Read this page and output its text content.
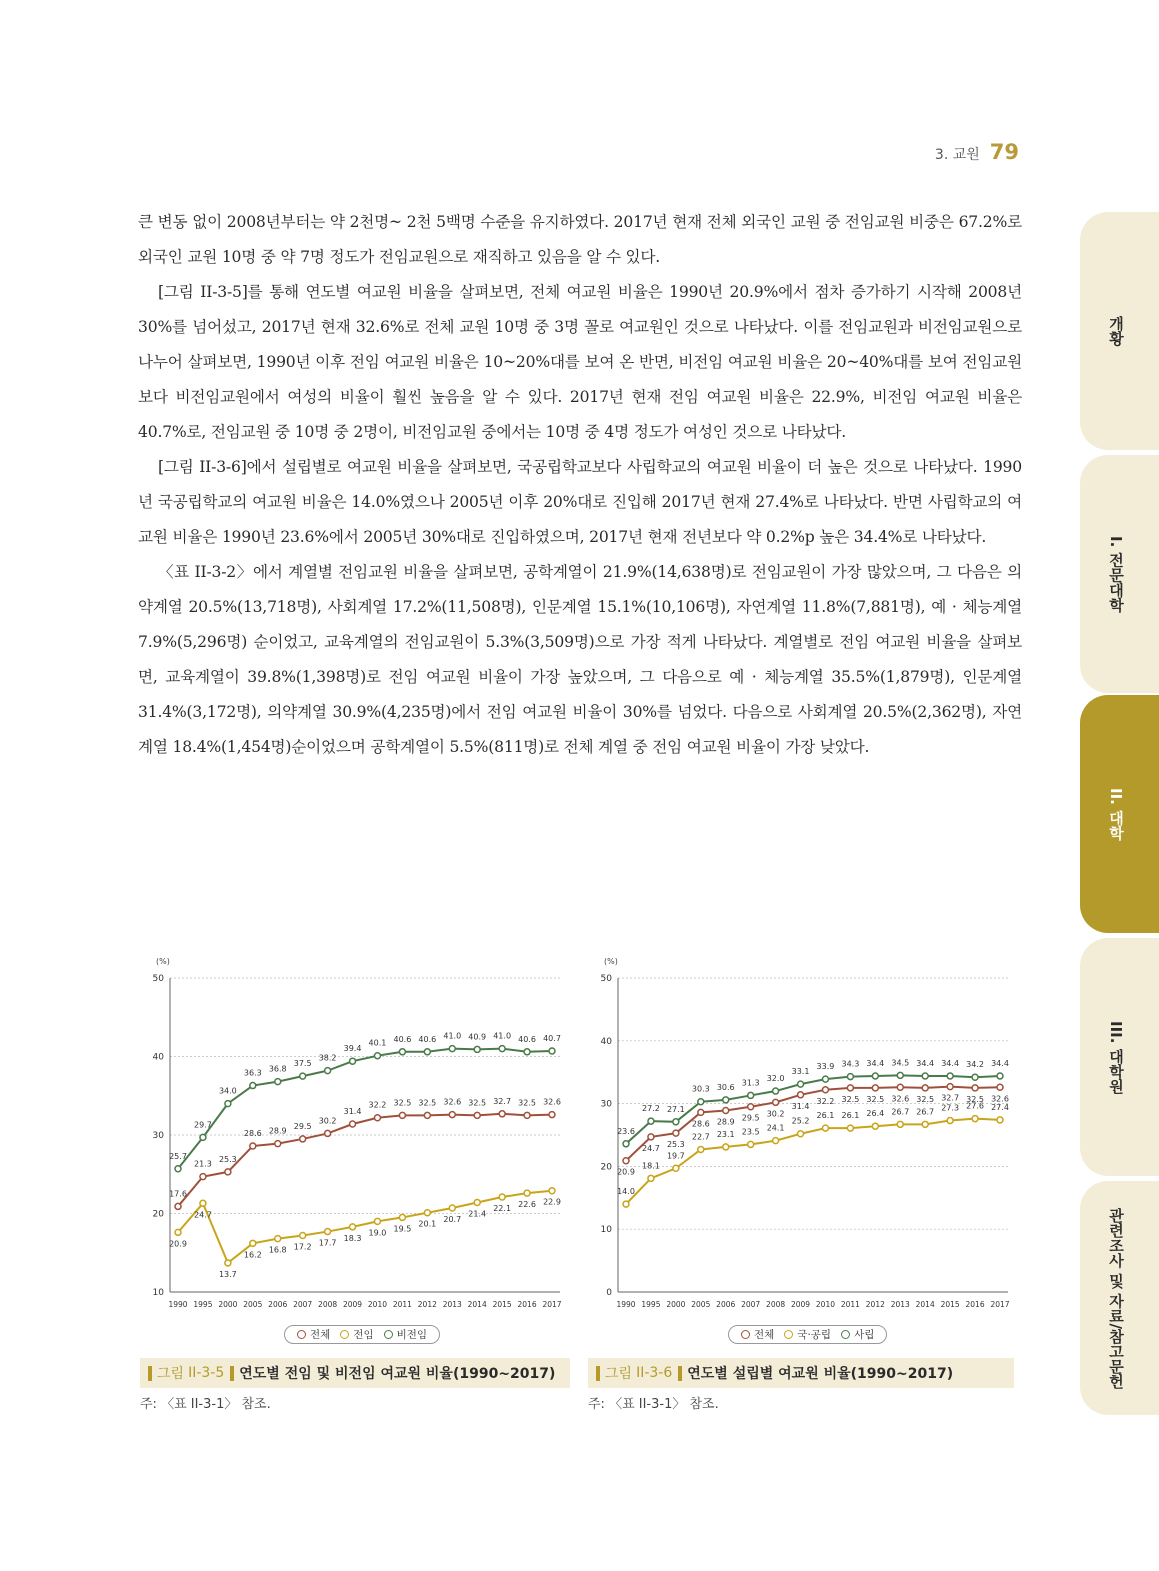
3. 교원 79

큰 변동 없이 2008년부터는 약 2천명~ 2천 5백명 수준을 유지하였다. 2017년 현재 전체 외국인 교원 중 전임교원 비중은 67.2%로 외국인 교원 10명 중 약 7명 정도가 전임교원으로 재직하고 있음을 알 수 있다.

[그림 II-3-5]를 통해 연도별 여교원 비율을 살펴보면, 전체 여교원 비율은 1990년 20.9%에서 점차 증가하기 시작해 2008년 30%를 넘어섰고, 2017년 현재 32.6%로 전체 교원 10명 중 3명 꼴로 여교원인 것으로 나타났다. 이를 전임교원과 비전임교원으로 나누어 살펴보면, 1990년 이후 전임 여교원 비율은 10~20%대를 보여 온 반면, 비전임 여교원 비율은 20~40%대를 보여 전임교원보다 비전임교원에서 여성의 비율이 훨씬 높음을 알 수 있다. 2017년 현재 전임 여교원 비율은 22.9%, 비전임 여교원 비율은 40.7%로, 전임교원 중 10명 중 2명이, 비전임교원 중에서는 10명 중 4명 정도가 여성인 것으로 나타났다.

[그림 II-3-6]에서 설립별로 여교원 비율을 살펴보면, 국공립학교보다 사립학교의 여교원 비율이 더 높은 것으로 나타났다. 1990년 국공립학교의 여교원 비율은 14.0%였으나 2005년 이후 20%대로 진입해 2017년 현재 27.4%로 나타났다. 반면 사립학교의 여교원 비율은 1990년 23.6%에서 2005년 30%대로 진입하였으며, 2017년 현재 전년보다 약 0.2%p 높은 34.4%로 나타났다.

〈표 II-3-2〉에서 계열별 전임교원 비율을 살펴보면, 공학계열이 21.9%(14,638명)로 전임교원이 가장 많았으며, 그 다음은 의약계열 20.5%(13,718명), 사회계열 17.2%(11,508명), 인문계열 15.1%(10,106명), 자연계열 11.8%(7,881명), 예 · 체능계열 7.9%(5,296명) 순이었고, 교육계열의 전임교원이 5.3%(3,509명)으로 가장 적게 나타났다. 계열별로 전임 여교원 비율을 살펴보면, 교육계열이 39.8%(1,398명)로 전임 여교원 비율이 가장 높았으며, 그 다음으로 예 · 체능계열 35.5%(1,879명), 인문계열 31.4%(3,172명), 의약계열 30.9%(4,235명)에서 전임 여교원 비율이 30%를 넘었다. 다음으로 사회계열 20.5%(2,362명), 자연계열 18.4%(1,454명)순이었으며 공학계열이 5.5%(811명)로 전체 계열 중 전임 여교원 비율이 가장 낮았다.

개황
I. 전문대학
II. 대학
III. 대학원
관련조사 및 자료/참고문헌
(%)
10
20
30
40
50
1990 1995 2000 2005 2006 2007 2008 2009 2010 2011 2012 2013 2014 2015 2016 2017
17.6
21.3
25.3
28.6 28.9
29.5
30.2
31.4
32.2 32.5 32.5 32.6 32.5 32.7 32.5 32.6
20.9
24.7
13.7
16.2
16.8 17.2 17.7
18.3
19.0 19.5
20.1
20.7
21.4
22.1 22.6 22.9
25.7
29.7
34.0
36.3 36.8
37.5
38.2
39.4
40.1 40.6 40.6 41.0 40.9 41.0 40.6 40.7
전체 전임 비전임
그림 II-3-5 연도별 전임 및 비전임 여교원 비율(1990~2017)
주: 〈표 II-3-1〉 참조.
(%)
0
10
20
30
40
50
1990 1995 2000 2005 2006 2007 2008 2009 2010 2011 2012 2013 2014 2015 2016 2017
20.9
24.7 25.3
28.6 28.9 29.5 30.2
31.4
32.2 32.5 32.5 32.6 32.5 32.7 32.5 32.6
14.0
18.1
19.7
22.7 23.1 23.5 24.1
25.2
26.1 26.1 26.4 26.7 26.7 27.3 27.6 27.4
23.6
27.2 27.1
30.3 30.6 31.3 32.0
33.1
33.9 34.3 34.4 34.5 34.4 34.4 34.2 34.4
전체 국·공립 사립
그림 II-3-6 연도별 설립별 여교원 비율(1990~2017)
주: 〈표 II-3-1〉 참조.
